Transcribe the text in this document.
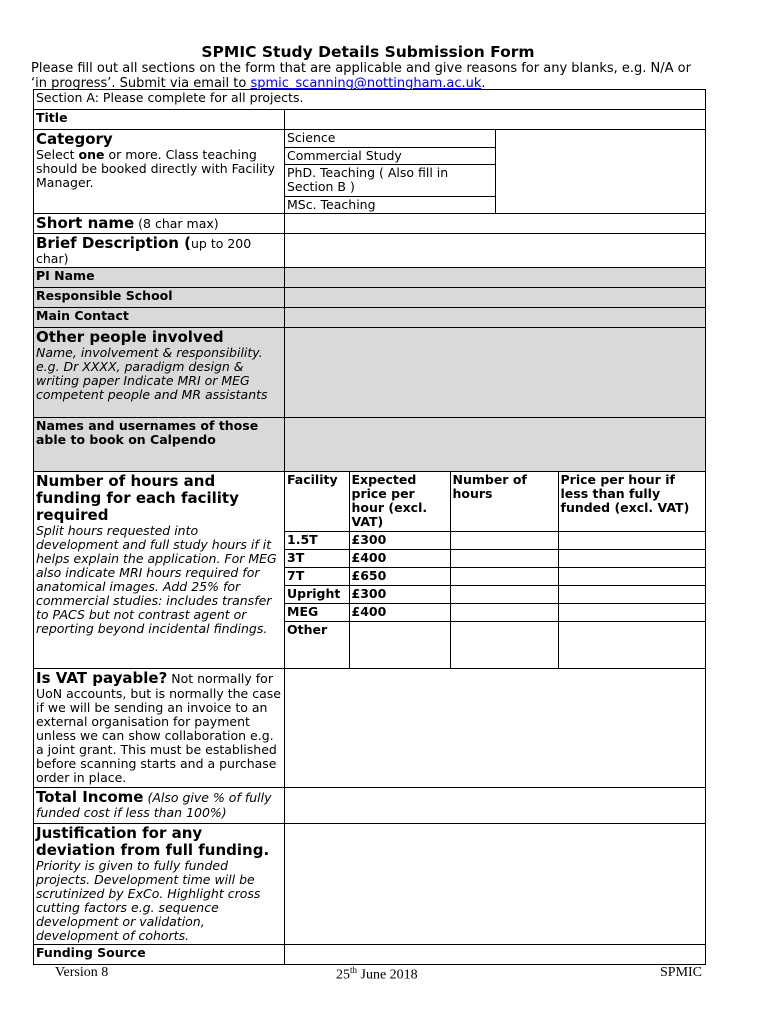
SPMIC Study Details Submission Form
Please fill out all sections on the form that are applicable and give reasons for any blanks, e.g. N/A or ‘in progress’. Submit via email to spmic_scanning@nottingham.ac.uk.
Section A: Please complete for all projects.
Title	

Category
Select one or more. Class teaching should be booked directly with Facility Manager.

Science	
Commercial Study
PhD. Teaching ( Also fill in Section B )
MSc. Teaching

Short name (8 char max)	
Brief Description (up to 200 char)	
PI Name	
Responsible School	
Main Contact	

Other people involved
Name, involvement & responsibility. e.g. Dr XXXX, paradigm design & writing paper Indicate MRI or MEG competent people and MR assistants

Names and usernames of those able to book on Calpendo	

Number of hours and funding for each facility required
Split hours requested into development and full study hours if it helps explain the application. For MEG also indicate MRI hours required for anatomical images. Add 25% for commercial studies: includes transfer to PACS but not contrast agent or reporting beyond incidental findings.

Facility	Expected price per hour (excl. VAT)	Number of hours	Price per hour if less than fully funded (excl. VAT)
1.5T	£300		
3T	£400		
7T	£650		
Upright	£300		
MEG	£400		
Other			

Is VAT payable? Not normally for UoN accounts, but is normally the case if we will be sending an invoice to an external organisation for payment unless we can show collaboration e.g. a joint grant. This must be established before scanning starts and a purchase order in place.	
Total Income (Also give % of fully funded cost if less than 100%)	

Justification for any deviation from full funding.
Priority is given to fully funded projects. Development time will be scrutinized by ExCo. Highlight cross cutting factors e.g. sequence development or validation, development of cohorts.

Funding Source	
Version 8	25th June 2018	SPMIC
